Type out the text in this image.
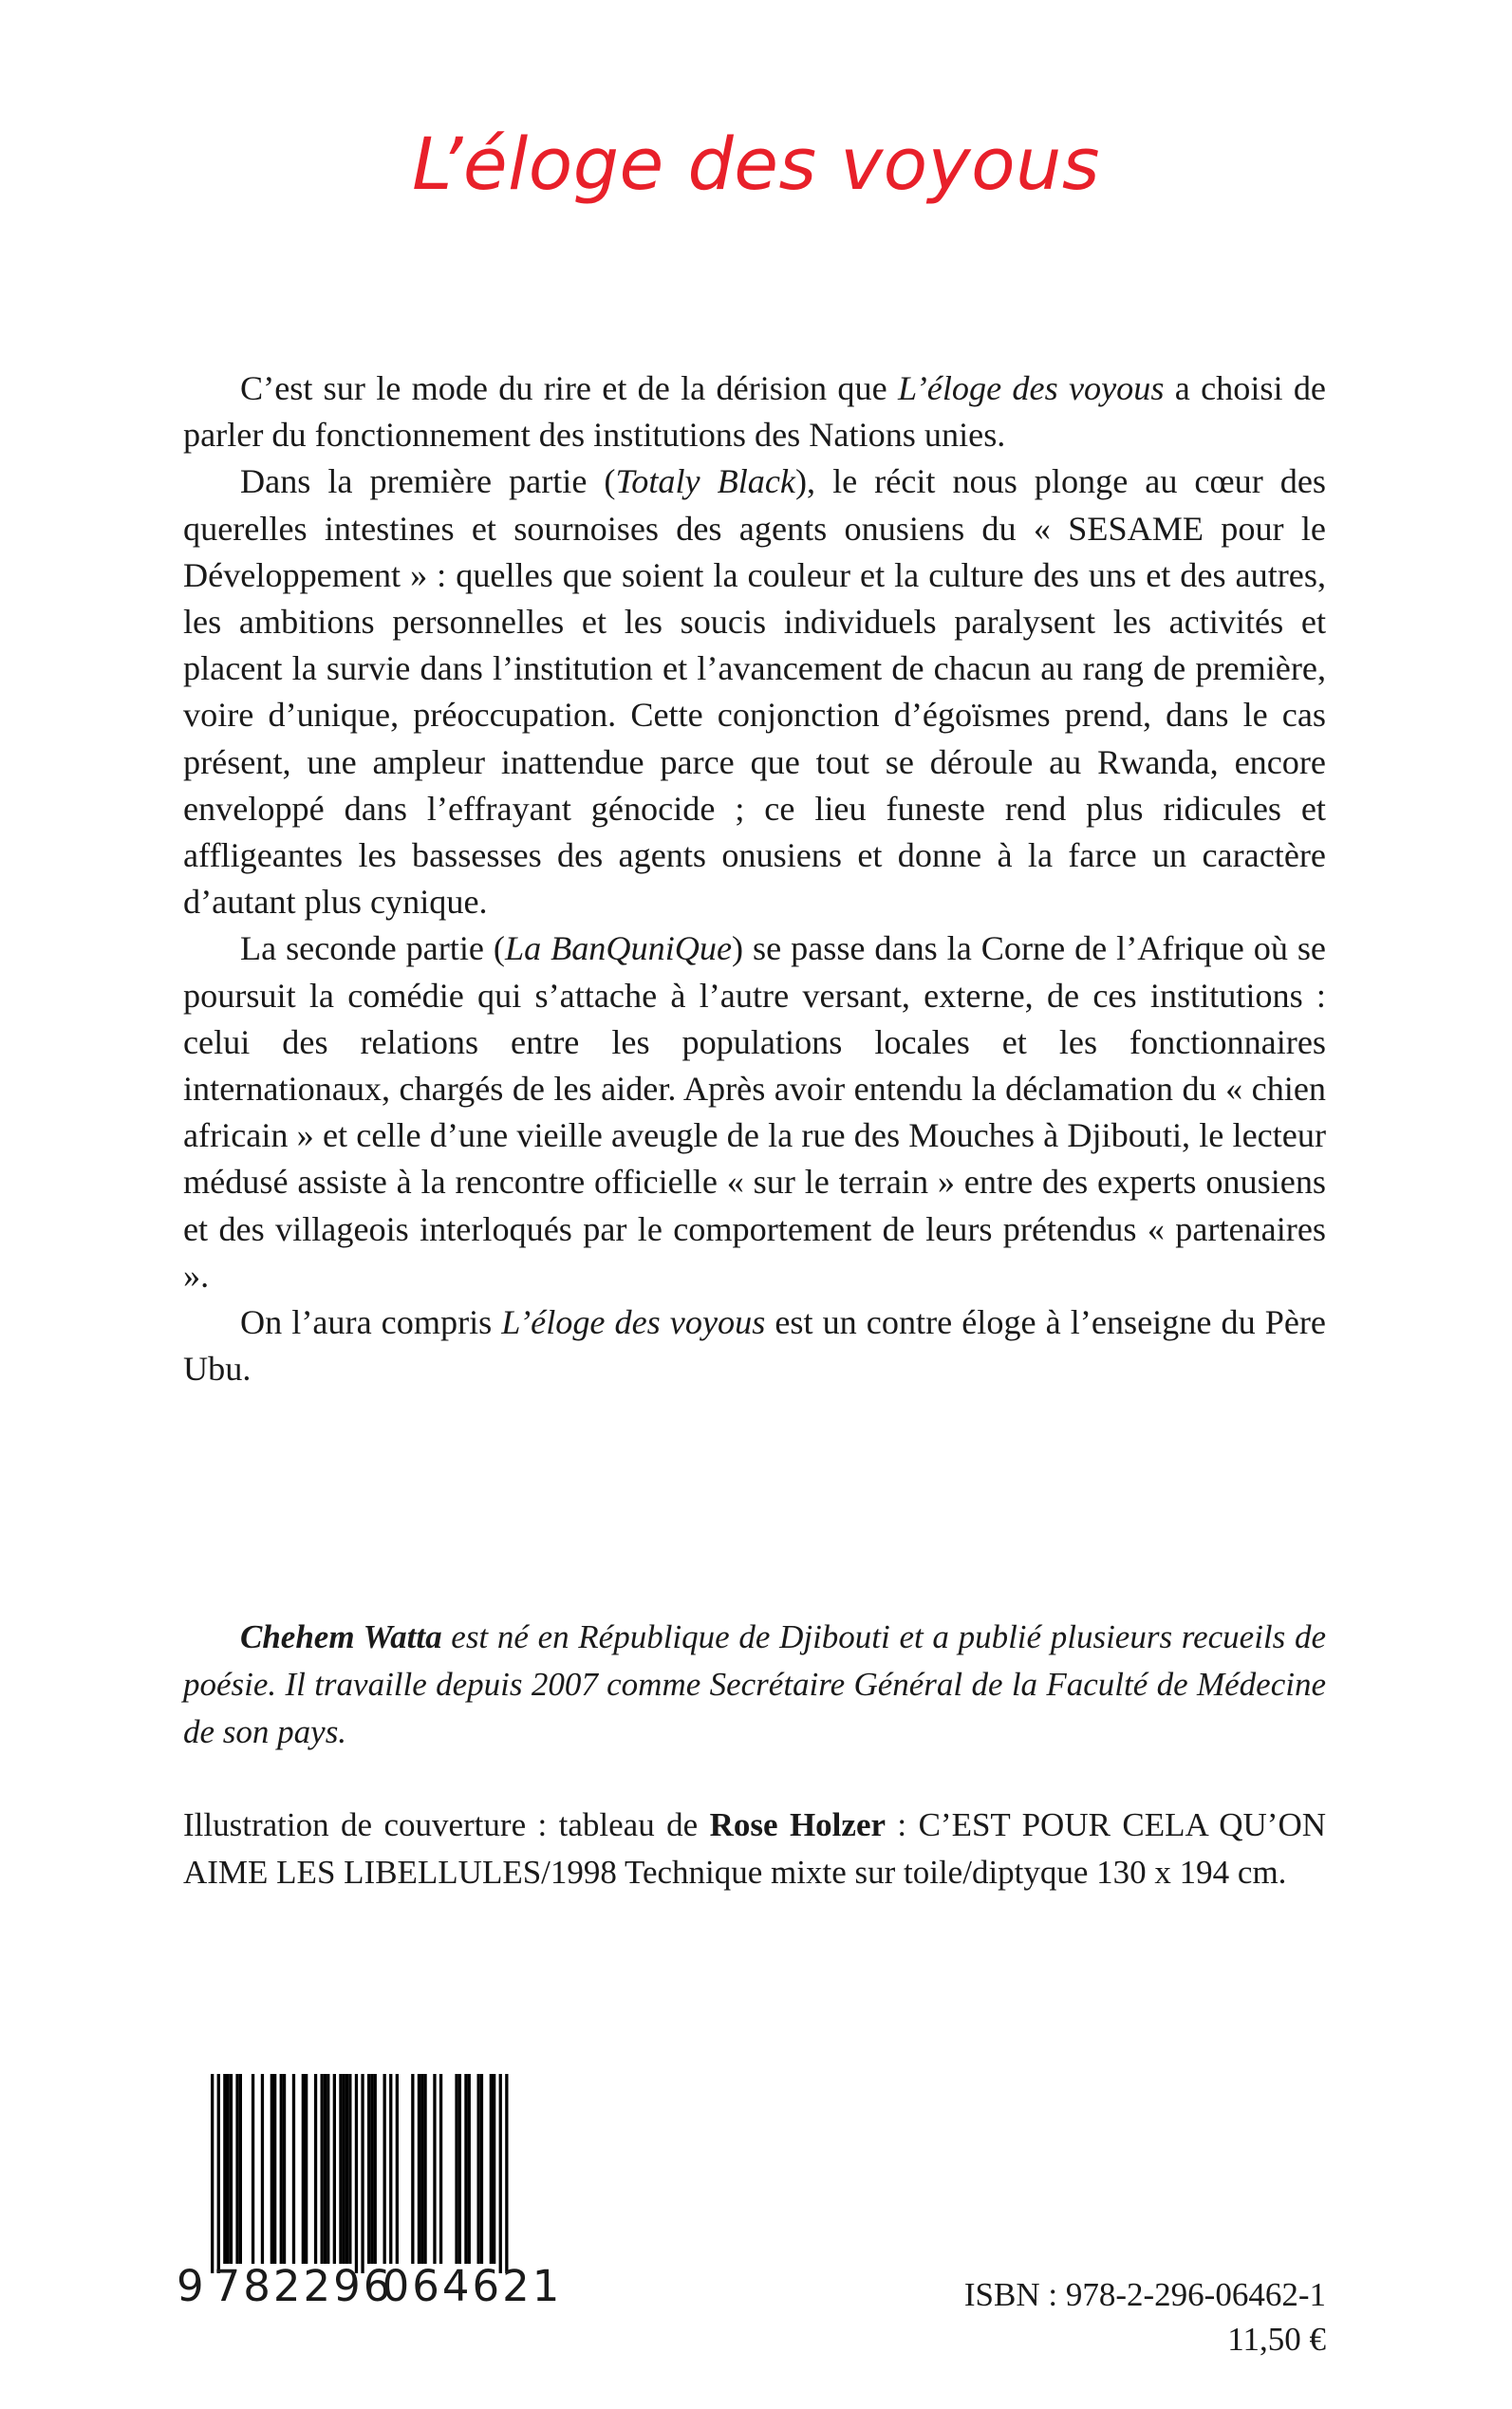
L’éloge des voyous

C’est sur le mode du rire et de la dérision que L’éloge des voyous a choisi de parler du fonctionnement des institutions des Nations unies.

Dans la première partie (Totaly Black), le récit nous plonge au cœur des querelles intestines et sournoises des agents onusiens du « SESAME pour le Développement » : quelles que soient la couleur et la culture des uns et des autres, les ambitions personnelles et les soucis individuels paralysent les activités et placent la survie dans l’institution et l’avancement de chacun au rang de première, voire d’unique, préoccupation. Cette conjonction d’égoïsmes prend, dans le cas présent, une ampleur inattendue parce que tout se déroule au Rwanda, encore enveloppé dans l’effrayant génocide ; ce lieu funeste rend plus ridicules et affligeantes les bassesses des agents onusiens et donne à la farce un caractère d’autant plus cynique.

La seconde partie (La BanQuniQue) se passe dans la Corne de l’Afrique où se poursuit la comédie qui s’attache à l’autre versant, externe, de ces institutions : celui des relations entre les populations locales et les fonctionnaires internationaux, chargés de les aider. Après avoir entendu la déclamation du « chien africain » et celle d’une vieille aveugle de la rue des Mouches à Djibouti, le lecteur médusé assiste à la rencontre officielle « sur le terrain » entre des experts onusiens et des villageois interloqués par le comportement de leurs prétendus « partenaires ».

On l’aura compris L’éloge des voyous est un contre éloge à l’enseigne du Père Ubu.

Chehem Watta est né en République de Djibouti et a publié plusieurs recueils de poésie. Il travaille depuis 2007 comme Secrétaire Général de la Faculté de Médecine de son pays.
Illustration de couverture : tableau de Rose Holzer : C’EST POUR CELA QU’ON AIME LES LIBELLULES/1998 Technique mixte sur toile/diptyque 130 x 194 cm.
9 782296
064621	ISBN : 978-2-296-06462-1
11,50 €
